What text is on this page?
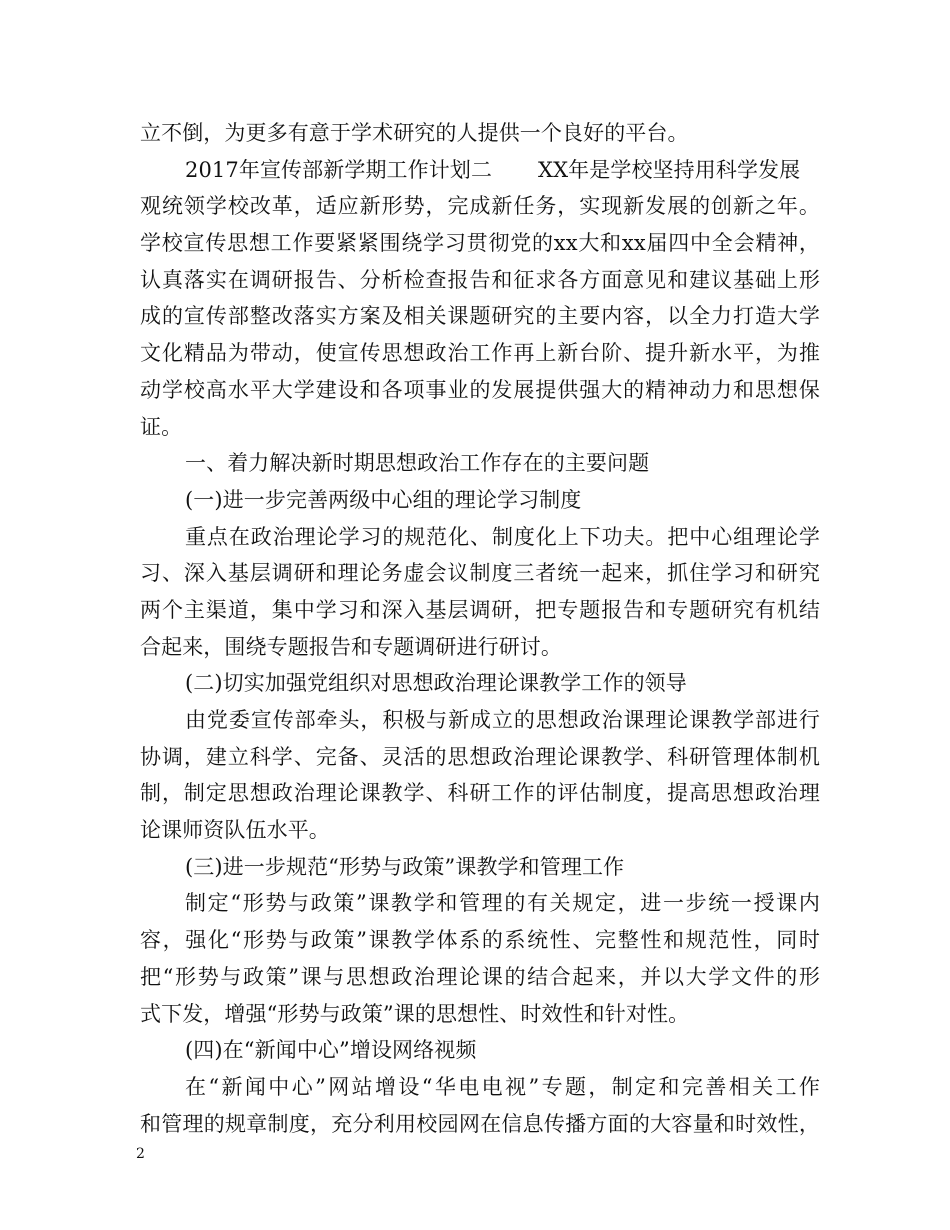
立不倒，为更多有意于学术研究的人提供一个良好的平台。
2017年宣传部新学期工作计划二 XX年是学校坚持用科学发展
观统领学校改革，适应新形势，完成新任务，实现新发展的创新之年。
学校宣传思想工作要紧紧围绕学习贯彻党的xx大和xx届四中全会精神，
认真落实在调研报告、分析检查报告和征求各方面意见和建议基础上形
成的宣传部整改落实方案及相关课题研究的主要内容，以全力打造大学
文化精品为带动，使宣传思想政治工作再上新台阶、提升新水平，为推
动学校高水平大学建设和各项事业的发展提供强大的精神动力和思想保
证。
一、着力解决新时期思想政治工作存在的主要问题
(一)进一步完善两级中心组的理论学习制度
重点在政治理论学习的规范化、制度化上下功夫。把中心组理论学
习、深入基层调研和理论务虚会议制度三者统一起来，抓住学习和研究
两个主渠道，集中学习和深入基层调研，把专题报告和专题研究有机结
合起来，围绕专题报告和专题调研进行研讨。
(二)切实加强党组织对思想政治理论课教学工作的领导
由党委宣传部牵头，积极与新成立的思想政治课理论课教学部进行
协调，建立科学、完备、灵活的思想政治理论课教学、科研管理体制机
制，制定思想政治理论课教学、科研工作的评估制度，提高思想政治理
论课师资队伍水平。
(三)进一步规范“形势与政策”课教学和管理工作
制定“形势与政策”课教学和管理的有关规定，进一步统一授课内
容，强化“形势与政策”课教学体系的系统性、完整性和规范性，同时
把“形势与政策”课与思想政治理论课的结合起来，并以大学文件的形
式下发，增强“形势与政策”课的思想性、时效性和针对性。
(四)在“新闻中心”增设网络视频
在“新闻中心”网站增设“华电电视”专题，制定和完善相关工作
和管理的规章制度，充分利用校园网在信息传播方面的大容量和时效性，
2
